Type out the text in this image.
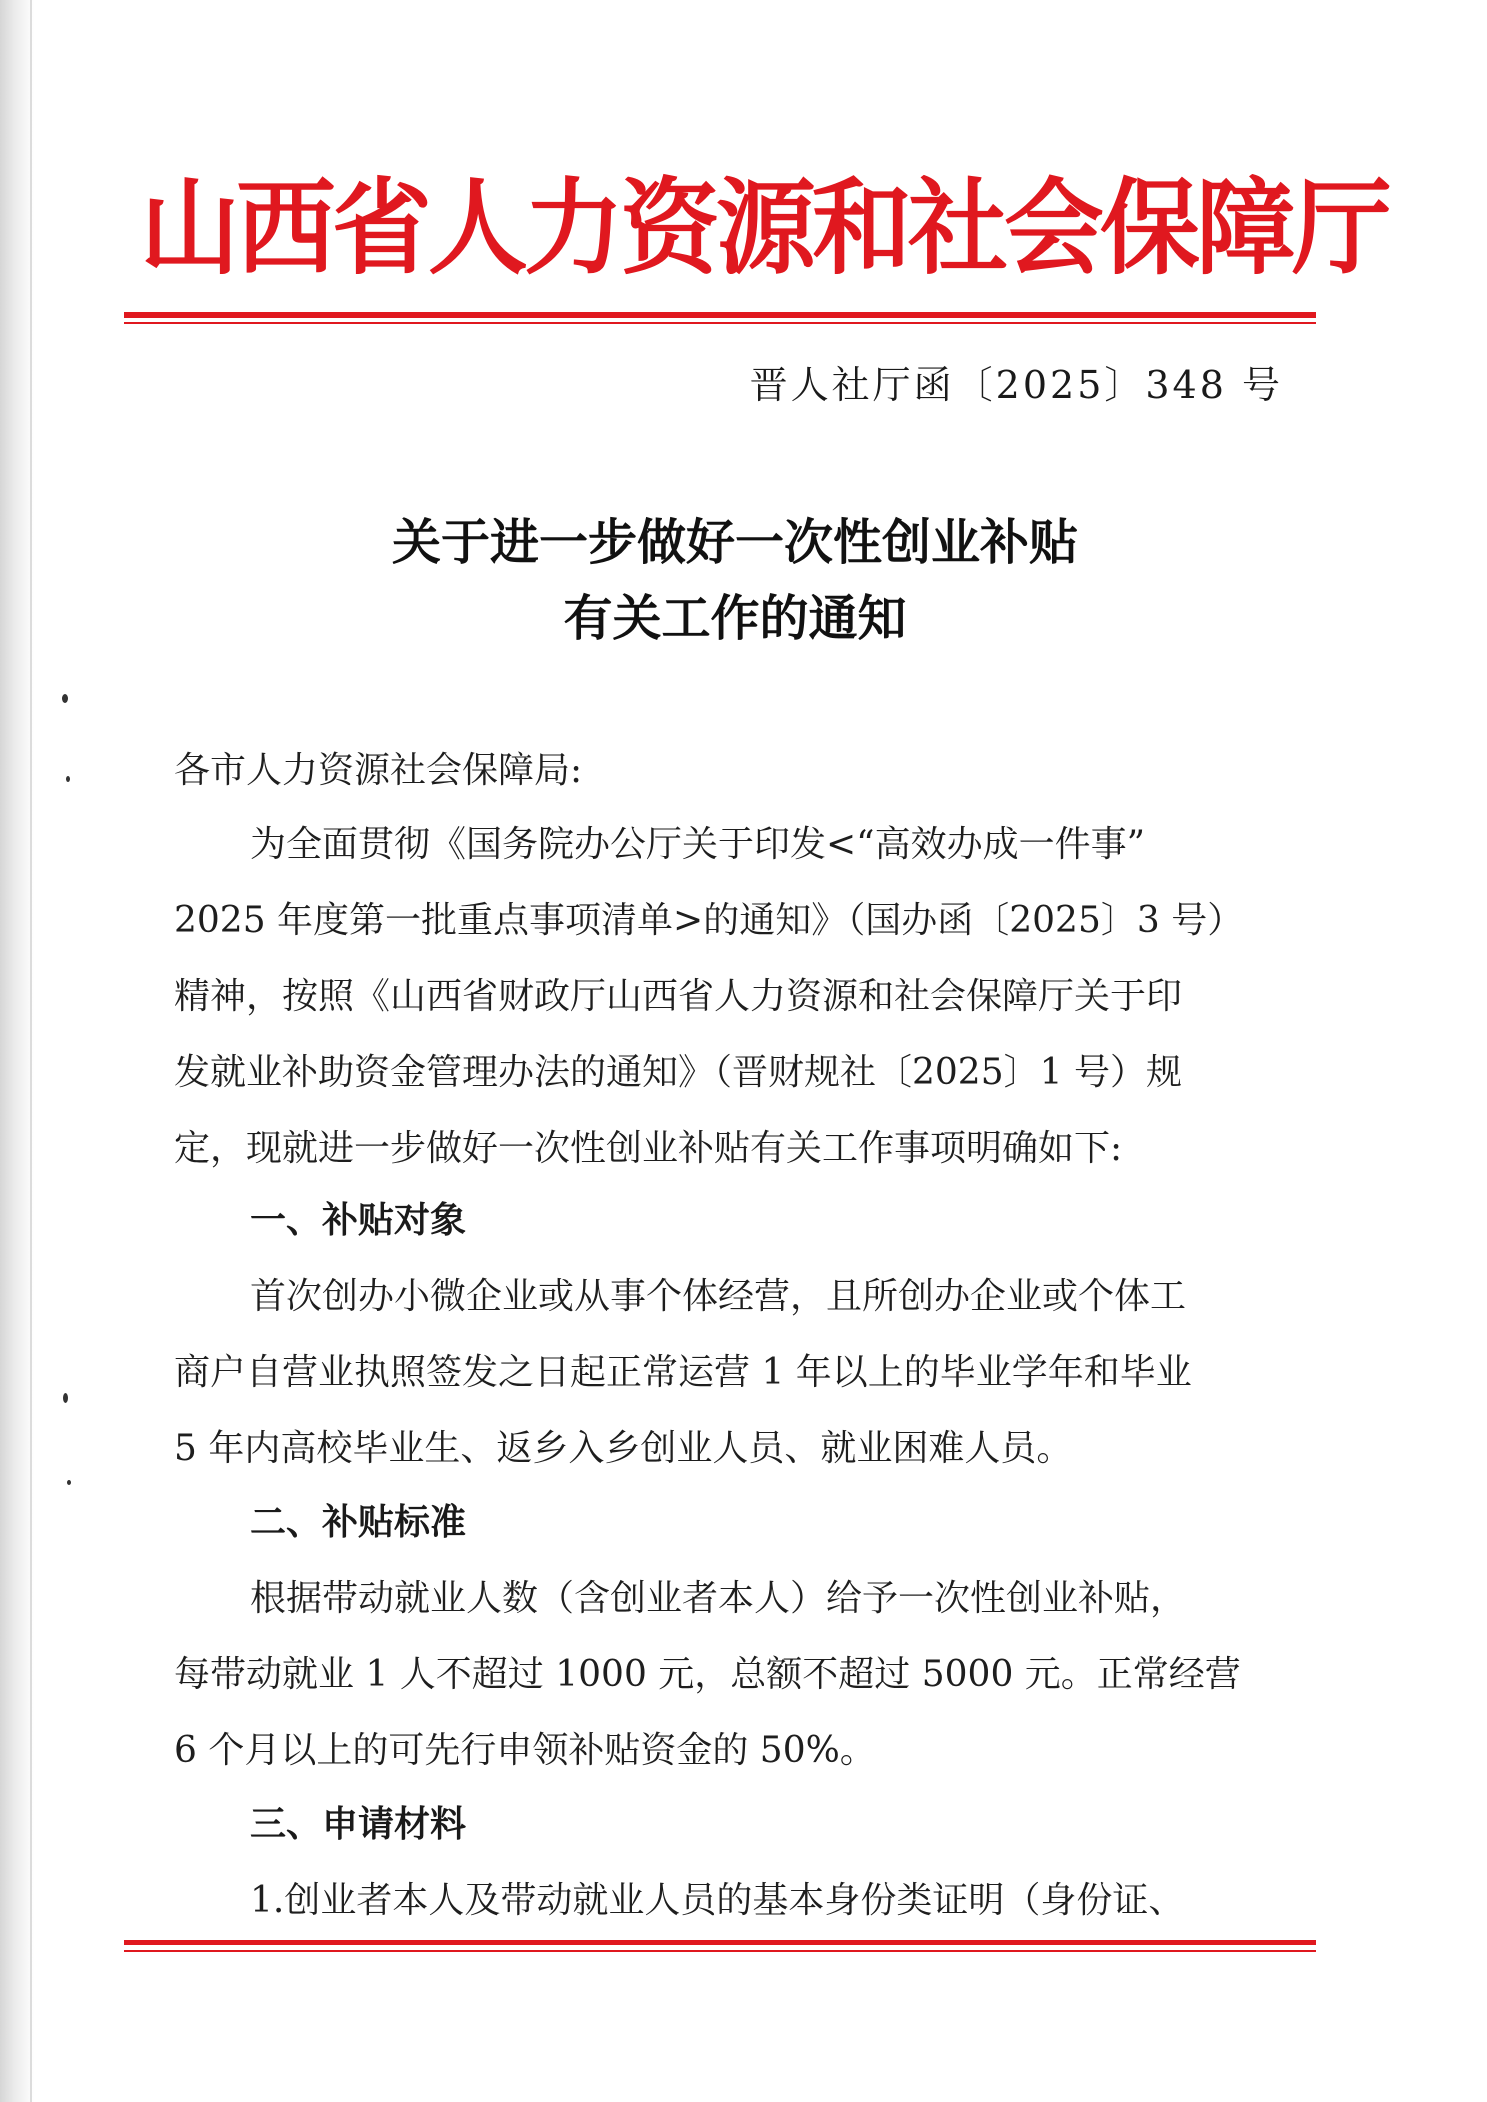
山西省人力资源和社会保障厅
晋人社厅函〔2025〕348 号
关于进一步做好一次性创业补贴
有关工作的通知
各市人力资源社会保障局:
为全面贯彻《国务院办公厅关于印发<“高效办成一件事”
2025 年度第一批重点事项清单>的通知》（国办函〔2025〕3 号）
精神，按照《山西省财政厅山西省人力资源和社会保障厅关于印
发就业补助资金管理办法的通知》（晋财规社〔2025〕1 号）规
定，现就进一步做好一次性创业补贴有关工作事项明确如下:
一、补贴对象
首次创办小微企业或从事个体经营，且所创办企业或个体工
商户自营业执照签发之日起正常运营 1 年以上的毕业学年和毕业
5 年内高校毕业生、返乡入乡创业人员、就业困难人员。
二、补贴标准
根据带动就业人数（含创业者本人）给予一次性创业补贴，
每带动就业 1 人不超过 1000 元，总额不超过 5000 元。正常经营
6 个月以上的可先行申领补贴资金的 50%。
三、申请材料
1.创业者本人及带动就业人员的基本身份类证明（身份证、
